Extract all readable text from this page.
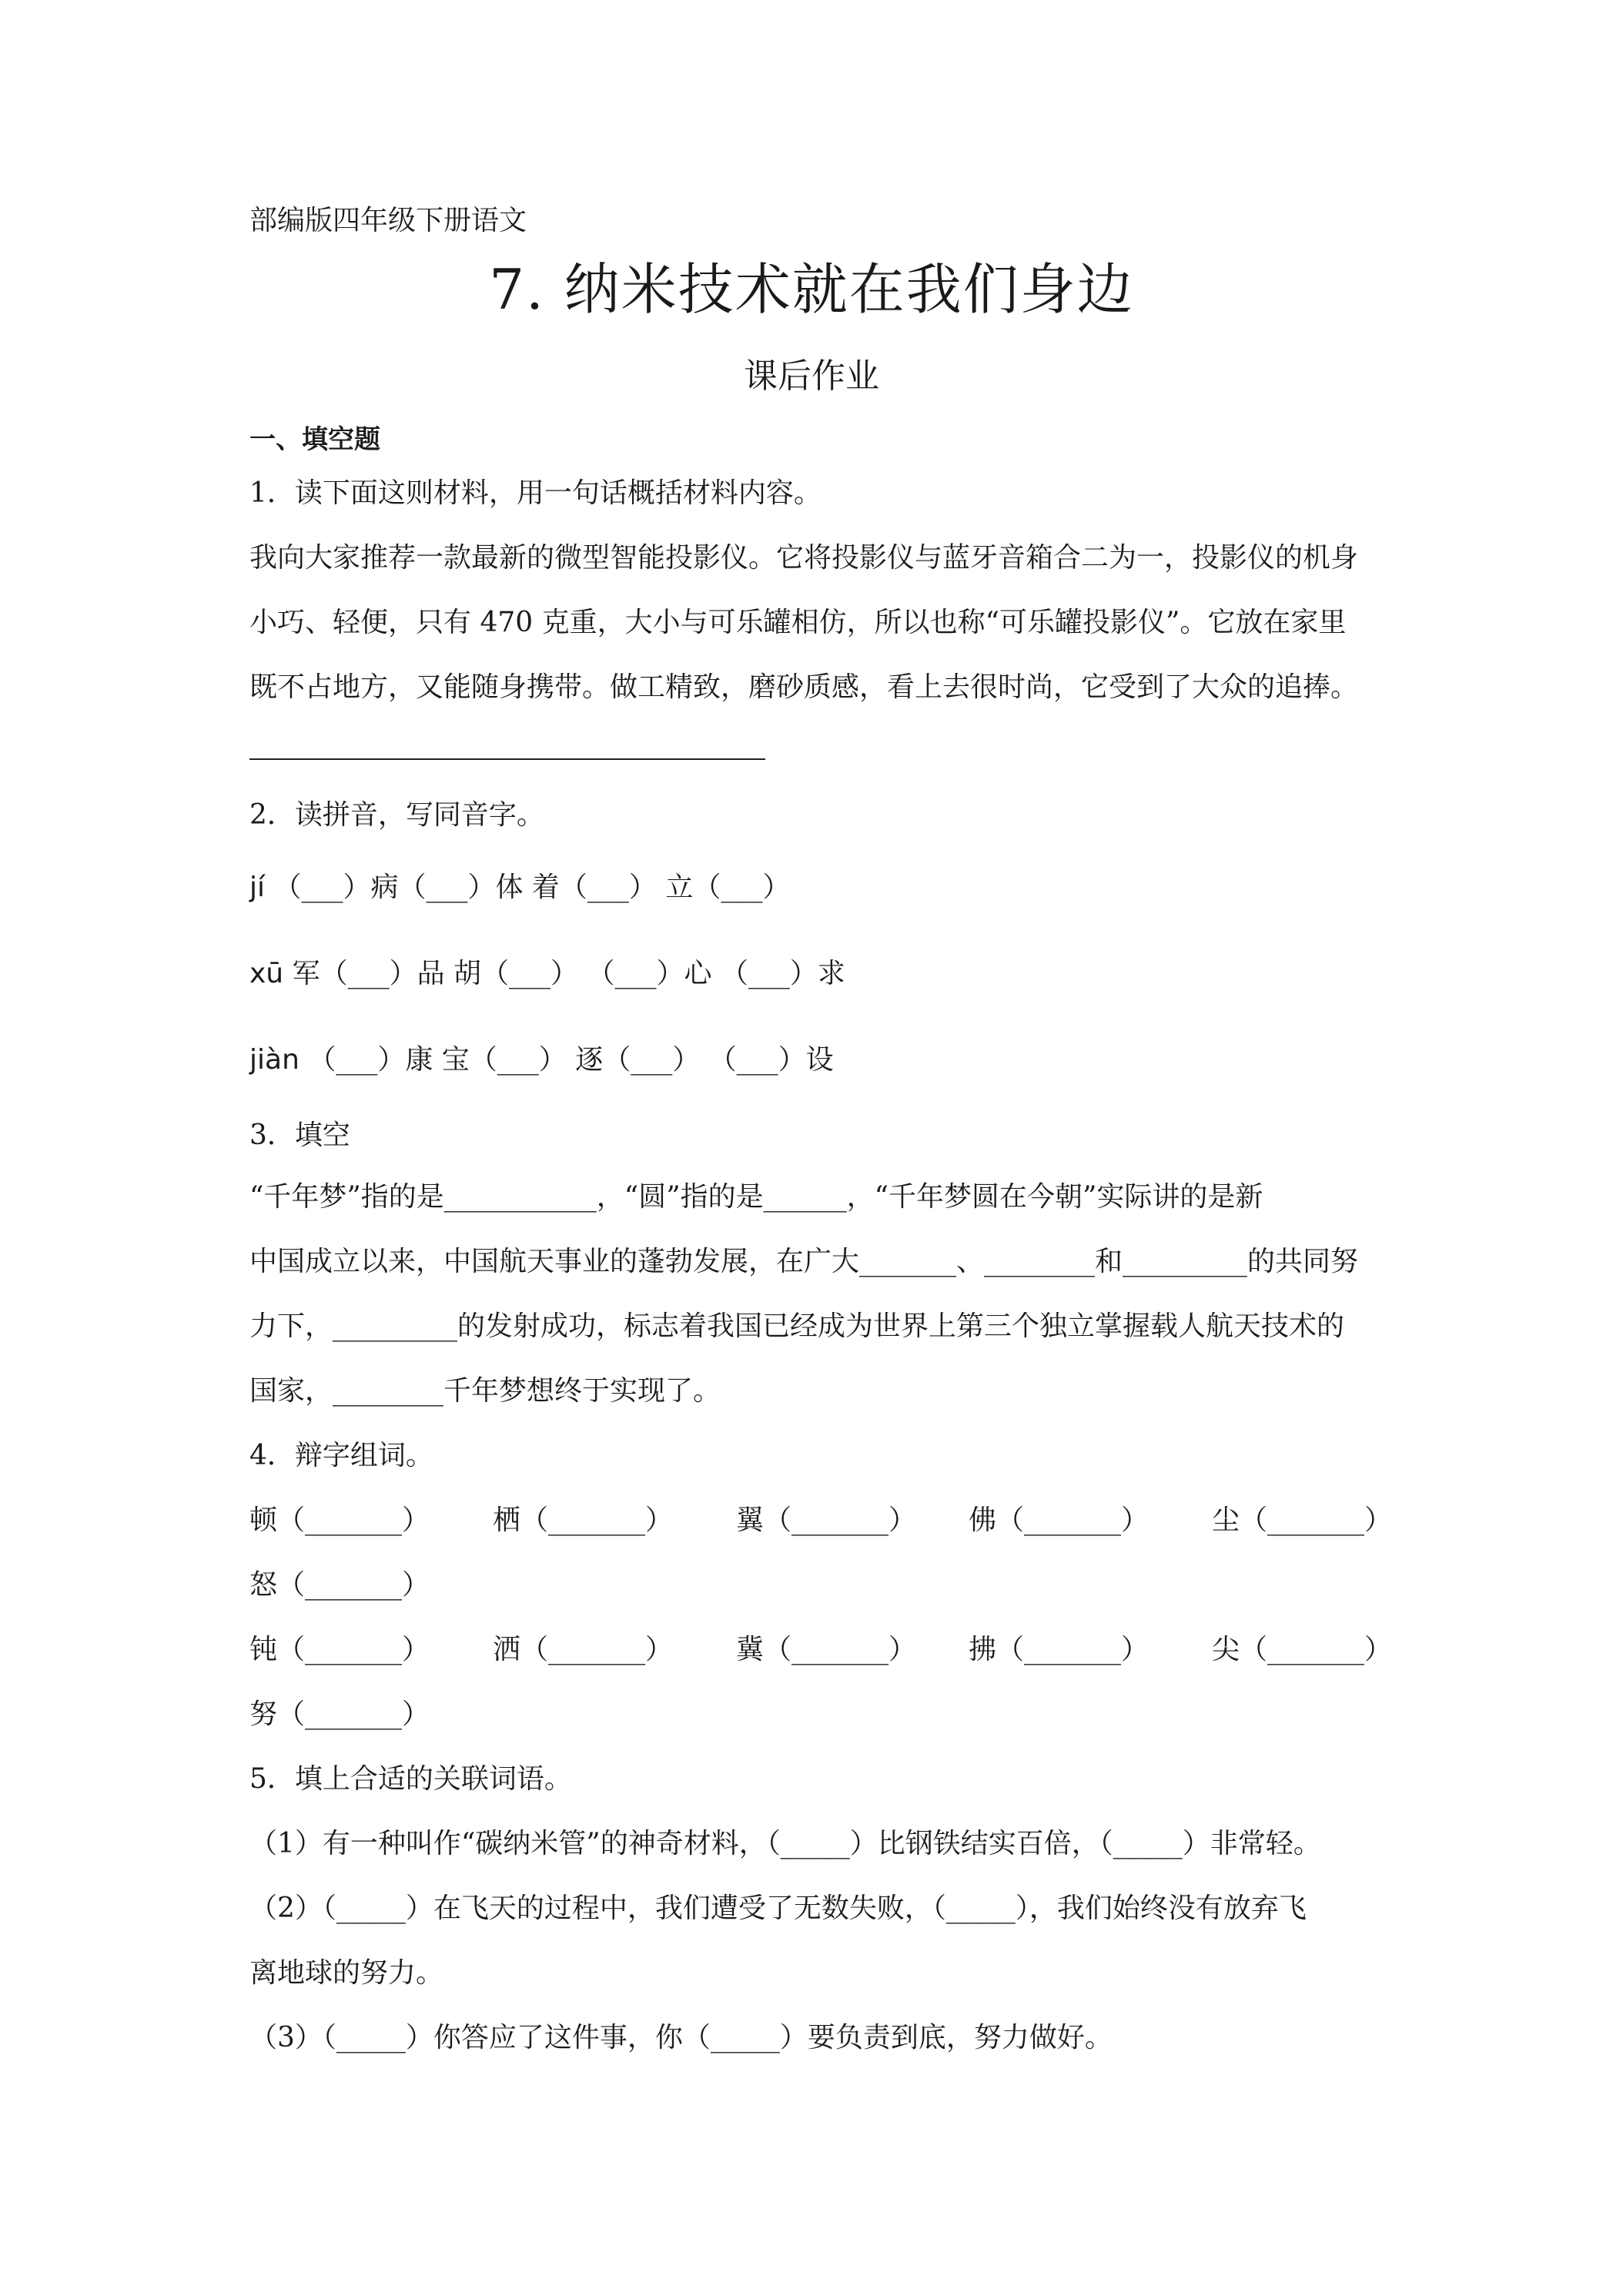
部编版四年级下册语文
7. 纳米技术就在我们身边
课后作业
一、填空题
1．读下面这则材料，用一句话概括材料内容。
我向大家推荐一款最新的微型智能投影仪。它将投影仪与蓝牙音箱合二为一，投影仪的机身
小巧、轻便，只有 470 克重，大小与可乐罐相仿，所以也称“可乐罐投影仪”。它放在家里
既不占地方，又能随身携带。做工精致，磨砂质感，看上去很时尚，它受到了大众的追捧。
2．读拼音，写同音字。
jí （___）病（___）体 着（___） 立（___）
xū 军（___）品 胡（___） （___）心 （___）求
jiàn （___）康 宝（___） 逐（___） （___）设
3．填空
“千年梦”指的是___________，“圆”指的是______，“千年梦圆在今朝”实际讲的是新
中国成立以来，中国航天事业的蓬勃发展，在广大_______、________和_________的共同努
力下，_________的发射成功，标志着我国已经成为世界上第三个独立掌握载人航天技术的
国家，________千年梦想终于实现了。
4．辩字组词。
顿（_______） 栖（_______） 翼（_______） 佛（_______） 尘（_______）
怒（_______）
钝（_______） 洒（_______） 冀（_______） 拂（_______） 尖（_______）
努（_______）
5．填上合适的关联词语。
（1）有一种叫作“碳纳米管”的神奇材料，（_____）比钢铁结实百倍，（_____）非常轻。
（2）（_____）在飞天的过程中，我们遭受了无数失败，（_____），我们始终没有放弃飞
离地球的努力。
（3）（_____）你答应了这件事，你（_____）要负责到底，努力做好。
